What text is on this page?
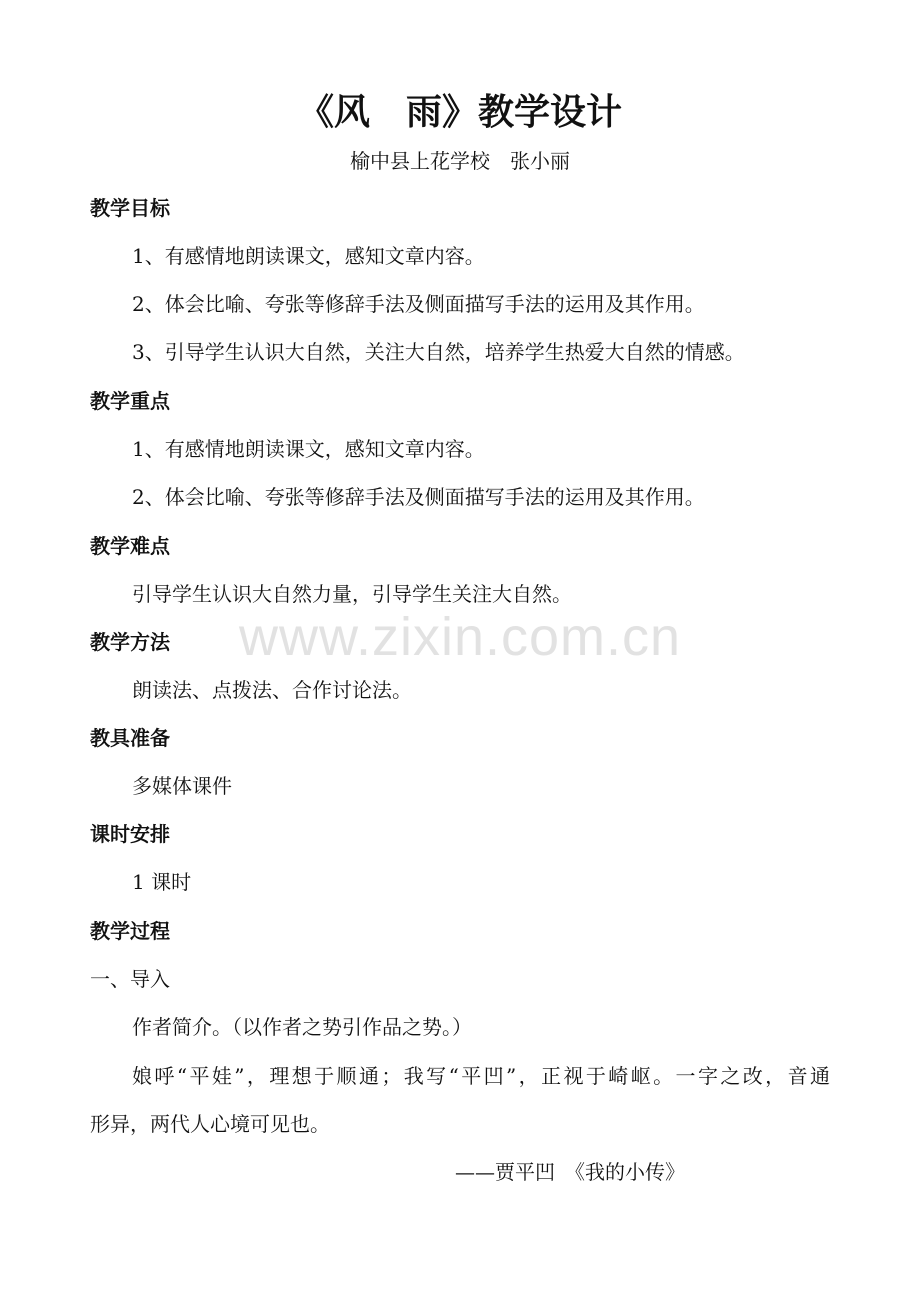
《风　雨》教学设计
榆中县上花学校　张小丽
教学目标
1、有感情地朗读课文，感知文章内容。
2、体会比喻、夸张等修辞手法及侧面描写手法的运用及其作用。
3、引导学生认识大自然，关注大自然，培养学生热爱大自然的情感。
教学重点
1、有感情地朗读课文，感知文章内容。
2、体会比喻、夸张等修辞手法及侧面描写手法的运用及其作用。
教学难点
引导学生认识大自然力量，引导学生关注大自然。
教学方法
朗读法、点拨法、合作讨论法。
教具准备
多媒体课件
课时安排
1 课时
教学过程
一、导入
作者简介。（以作者之势引作品之势。）
娘呼“平娃”，理想于顺通；我写“平凹”，正视于崎岖。一字之改，音通
形异，两代人心境可见也。
——贾平凹　《我的小传》
www.zixin.com.cn
